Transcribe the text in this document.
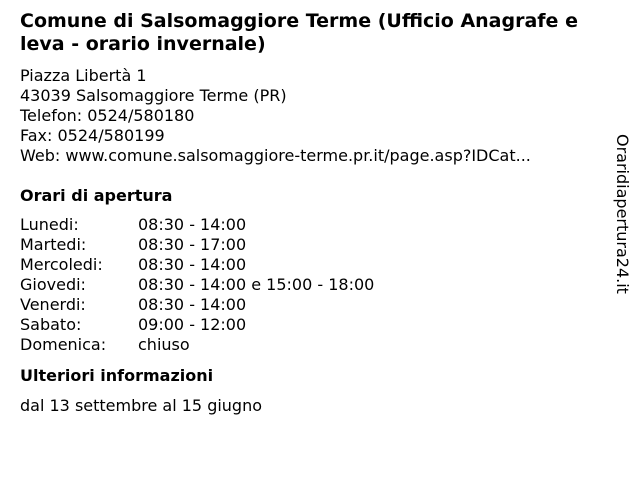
Comune di Salsomaggiore Terme (Ufficio Anagrafe e leva - orario invernale)
Piazza Libertà 1
43039 Salsomaggiore Terme (PR)
Telefon: 0524/580180
Fax: 0524/580199
Web: www.comune.salsomaggiore-terme.pr.it/page.asp?IDCat...
Orari di apertura
Lunedi:	08:30 - 14:00
Martedi:	08:30 - 17:00
Mercoledi: 08:30 - 14:00
Giovedi:	08:30 - 14:00 e 15:00 - 18:00
Venerdi:	08:30 - 14:00
Sabato:	09:00 - 12:00
Domenica: chiuso
Ulteriori informazioni
dal 13 settembre al 15 giugno
Oraridiapertura24.it
